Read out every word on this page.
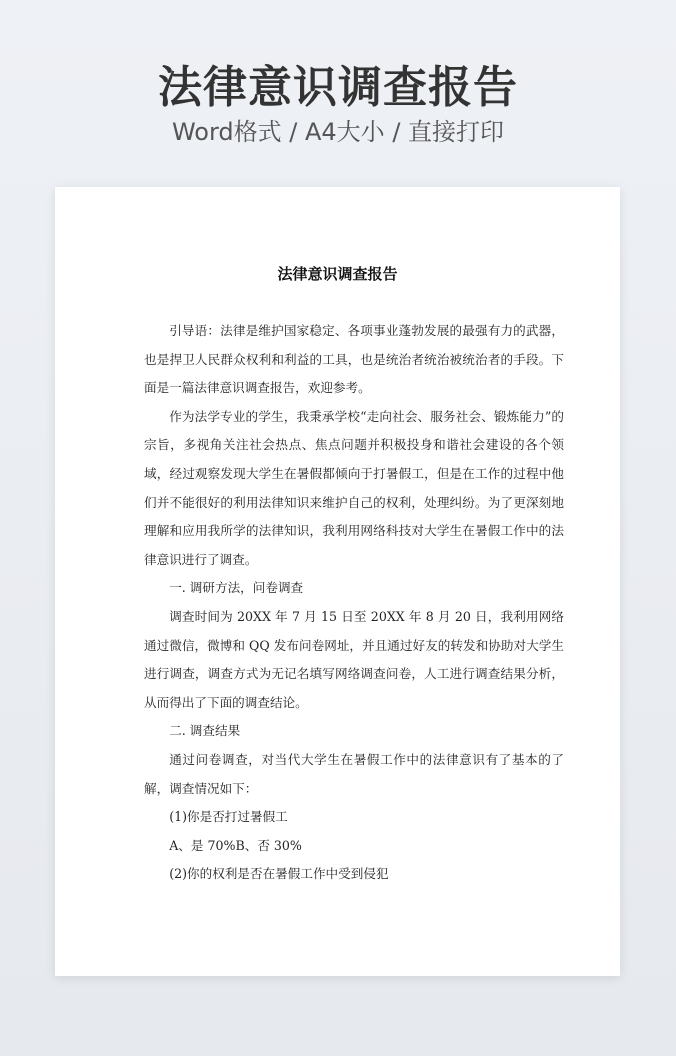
法律意识调查报告
Word格式 / A4大小 / 直接打印
法律意识调查报告

引导语：法律是维护国家稳定、各项事业蓬勃发展的最强有力的武器，也是捍卫人民群众权利和利益的工具，也是统治者统治被统治者的手段。下面是一篇法律意识调查报告，欢迎参考。

作为法学专业的学生，我秉承学校“走向社会、服务社会、锻炼能力”的宗旨，多视角关注社会热点、焦点问题并积极投身和谐社会建设的各个领域，经过观察发现大学生在暑假都倾向于打暑假工，但是在工作的过程中他们并不能很好的利用法律知识来维护自己的权利，处理纠纷。为了更深刻地理解和应用我所学的法律知识，我利用网络科技对大学生在暑假工作中的法律意识进行了调查。

一. 调研方法，问卷调查

调查时间为 20XX 年 7 月 15 日至 20XX 年 8 月 20 日，我利用网络通过微信，微博和 QQ 发布问卷网址，并且通过好友的转发和协助对大学生进行调查，调查方式为无记名填写网络调查问卷，人工进行调查结果分析，从而得出了下面的调查结论。

二. 调查结果

通过问卷调查，对当代大学生在暑假工作中的法律意识有了基本的了解，调查情况如下：

(1)你是否打过暑假工

A、是 70%B、否 30%

(2)你的权利是否在暑假工作中受到侵犯
